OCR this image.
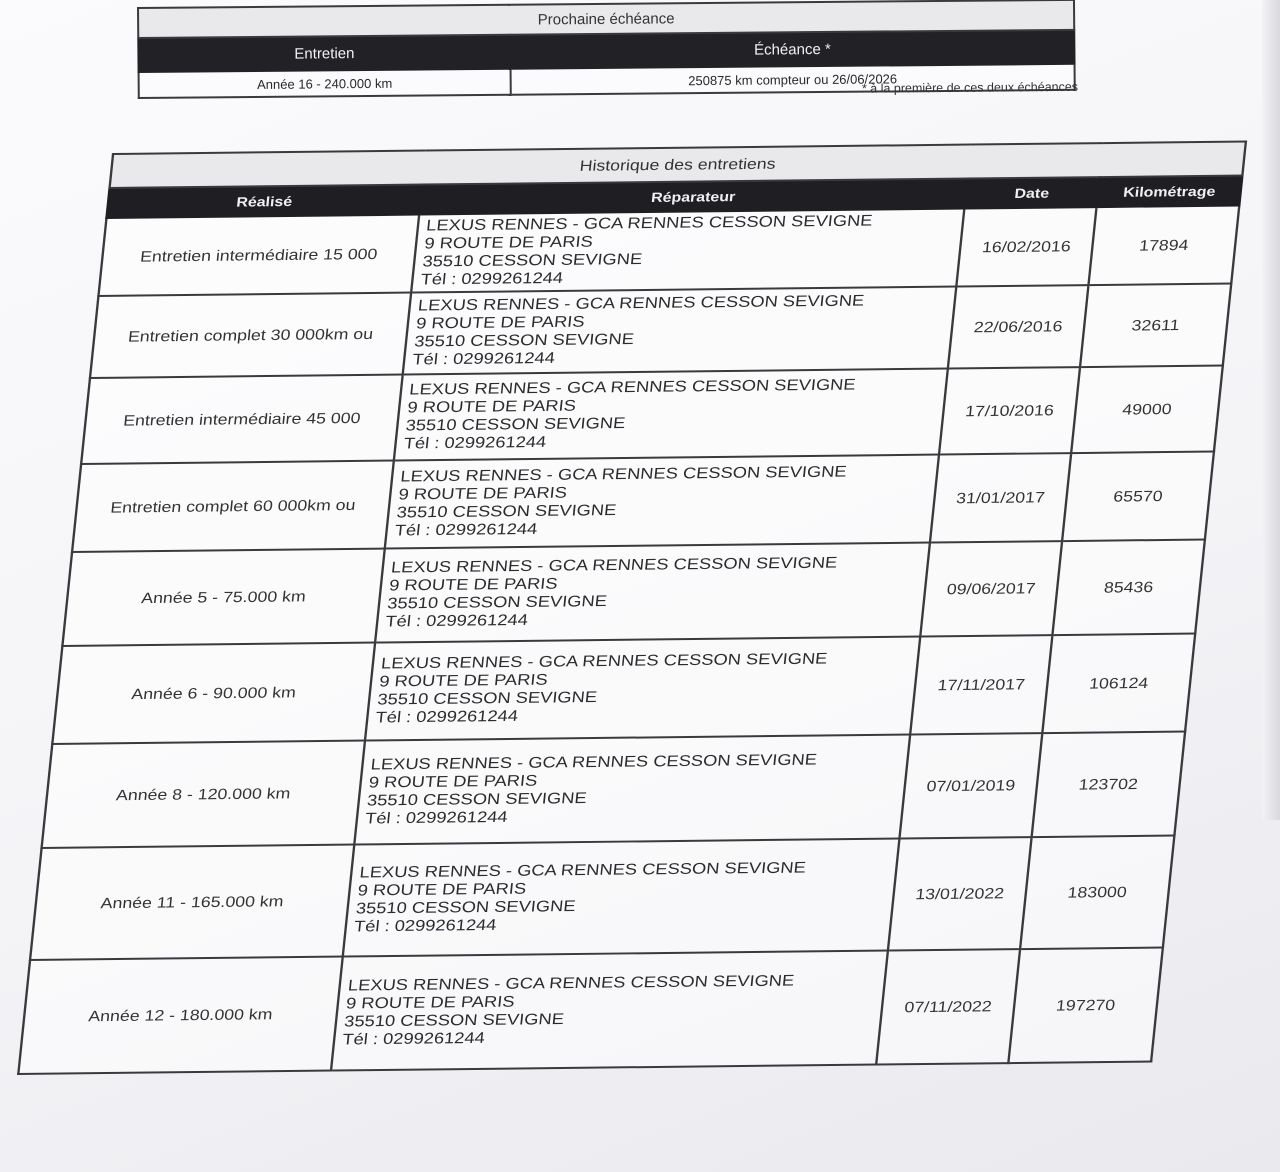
Prochaine échéance	
Entretien	Échéance *
Année 16 - 240.000 km	250875 km compteur ou 26/06/2026
* à la première de ces deux échéances
Historique des entretiens			
Réalisé	Réparateur	Date	Kilométrage
Entretien intermédiaire 15 000	LEXUS RENNES - GCA RENNES CESSON SEVIGNE
9 ROUTE DE PARIS
35510 CESSON SEVIGNE
Tél : 0299261244	16/02/2016	17894
Entretien complet 30 000km ou	LEXUS RENNES - GCA RENNES CESSON SEVIGNE
9 ROUTE DE PARIS
35510 CESSON SEVIGNE
Tél : 0299261244	22/06/2016	32611
Entretien intermédiaire 45 000	LEXUS RENNES - GCA RENNES CESSON SEVIGNE
9 ROUTE DE PARIS
35510 CESSON SEVIGNE
Tél : 0299261244	17/10/2016	49000
Entretien complet 60 000km ou	LEXUS RENNES - GCA RENNES CESSON SEVIGNE
9 ROUTE DE PARIS
35510 CESSON SEVIGNE
Tél : 0299261244	31/01/2017	65570
Année 5 - 75.000 km	LEXUS RENNES - GCA RENNES CESSON SEVIGNE
9 ROUTE DE PARIS
35510 CESSON SEVIGNE
Tél : 0299261244	09/06/2017	85436
Année 6 - 90.000 km	LEXUS RENNES - GCA RENNES CESSON SEVIGNE
9 ROUTE DE PARIS
35510 CESSON SEVIGNE
Tél : 0299261244	17/11/2017	106124
Année 8 - 120.000 km	LEXUS RENNES - GCA RENNES CESSON SEVIGNE
9 ROUTE DE PARIS
35510 CESSON SEVIGNE
Tél : 0299261244	07/01/2019	123702
Année 11 - 165.000 km	LEXUS RENNES - GCA RENNES CESSON SEVIGNE
9 ROUTE DE PARIS
35510 CESSON SEVIGNE
Tél : 0299261244	13/01/2022	183000
Année 12 - 180.000 km	LEXUS RENNES - GCA RENNES CESSON SEVIGNE
9 ROUTE DE PARIS
35510 CESSON SEVIGNE
Tél : 0299261244	07/11/2022	197270
